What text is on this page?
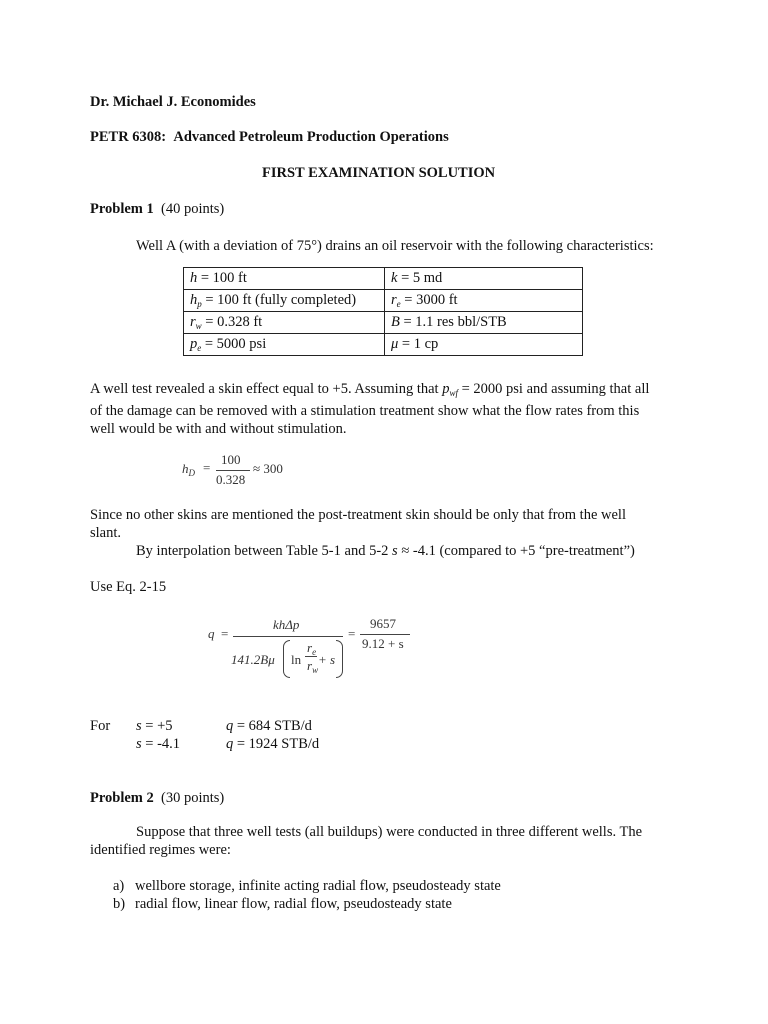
Dr. Michael J. Economides
PETR 6308: Advanced Petroleum Production Operations
FIRST EXAMINATION SOLUTION
Problem 1 (40 points)
Well A (with a deviation of 75°) drains an oil reservoir with the following characteristics:
h = 100 ft	k = 5 md
$h_p = 100$ ft (fully completed)	$r_e = 3000$ ft
$r_w = 0.328$ ft	B = 1.1 res bbl/STB
$p_e = 5000$ psi	μ = 1 cp
A well test revealed a skin effect equal to +5. Assuming that $p_{wf} = 2000$ psi and assuming that all
of the damage can be removed with a stimulation treatment show what the flow rates from this
well would be with and without stimulation.
$h_D$ =
100
0.328
≈ 300
Since no other skins are mentioned the post-treatment skin should be only that from the well
slant.
By interpolation between Table 5-1 and 5-2 s ≈ -4.1 (compared to +5 “pre-treatment”)
Use Eq. 2-15
q =
khΔp
141.2Bμ ln
$r_e$
$r_w$
+ s
=
9657
9.12 + s
For s = +5	q = 684 STB/d
s = -4.1	q = 1924 STB/d
Problem 2 (30 points)
Suppose that three well tests (all buildups) were conducted in three different wells. The
identified regimes were:
a) wellbore storage, infinite acting radial flow, pseudosteady state
b) radial flow, linear flow, radial flow, pseudosteady state
